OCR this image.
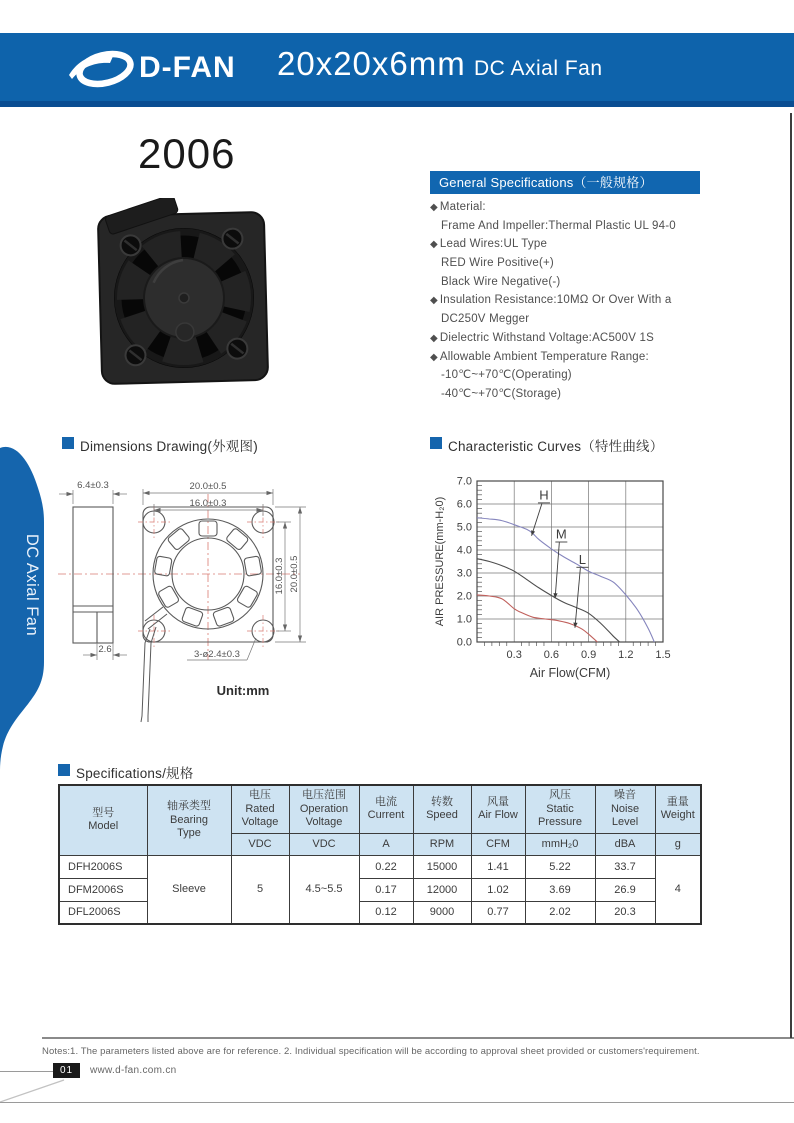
D-FAN 20x20x6mm DC Axial Fan
DC Axial Fan
2006
General Specifications（一般规格）
◆ Material:
Frame And Impeller:Thermal Plastic UL 94-0
◆ Lead Wires:UL Type
RED Wire Positive(+)
Black Wire Negative(-)
◆ Insulation Resistance:10MΩ Or Over With a
DC250V Megger
◆ Dielectric Withstand Voltage:AC500V 1S
◆ Allowable Ambient Temperature Range:
-10℃~+70℃(Operating)
-40℃~+70℃(Storage)
Dimensions Drawing(外观图)	Characteristic Curves（特性曲线）
Specifications/规格
6.4±0.3	20.0±0.5
16.0±0.3
16.0±0.3 20.0±0.5
2.6	3-ø2.4±0.3
Unit:mm
0.3 0.6 0.9 1.2 1.5
0.0
1.0
2.0
3.0
4.0
5.0
6.0
7.0
Air Flow(CFM)
AIR PRESSURE(mm-H₂0)
H
M
L
型号
Model

轴承类型
Bearing
Type

电压
Rated
Voltage

电压范围
Operation
Voltage

电流
Current

转数
Speed

风量
Air Flow

风压
Static
Pressure

噪音
Noise Level

重量
Weight

		VDC	VDC	A	RPM	CFM	mmH₂0	dBA	g
DFH2006S	Sleeve	5	4.5~5.5	0.22	15000	1.41	5.22	33.7	4
DFM2006S				0.17	12000	1.02	3.69	26.9	
DFL2006S				0.12	9000	0.77	2.02	20.3	
Notes:1. The parameters listed above are for reference. 2. Individual specification will be according to approval sheet provided or customers'requirement.
01	www.d-fan.com.cn
